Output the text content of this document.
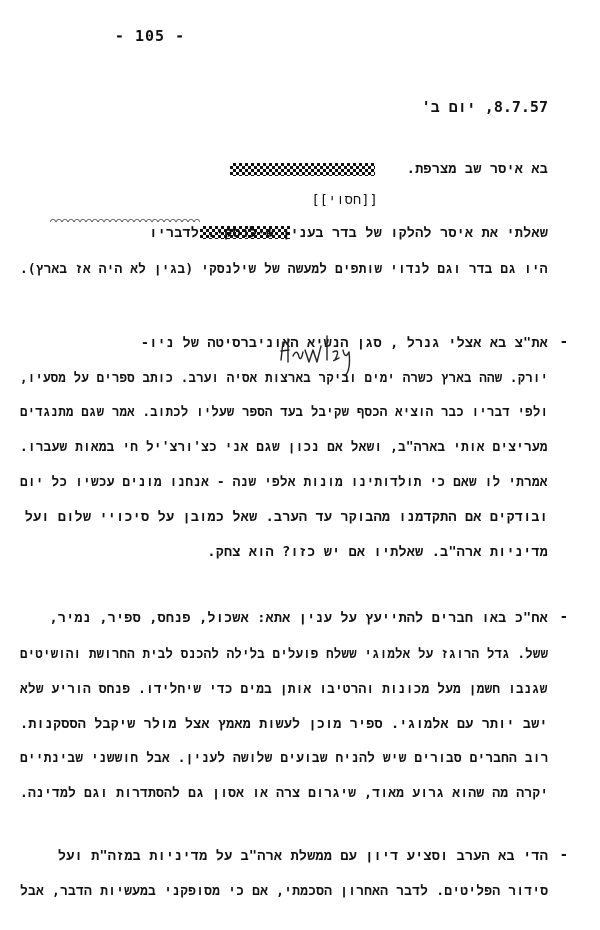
- 105 -
8.7.57, יום ב'
בא איסר שב מצרפת.
[[חסוי]]
שאלתי את איסר להלקו של בדר בענין שילנסקי. לדבריו
היו גם בדר וגם לנדוי שותפים למעשה של שילנסקי (בגין לא היה אז בארץ).
-
את"צ בא אצלי גנרל , סגן הנשיא האוניברסיטה של ניו-
יורק. שהה בארץ כשרה ימים וביקר בארצות אסיה וערב. כותב ספרים על מסעיו,
ולפי דבריו כבר הוציא הכסף שקיבל בעד הספר שעליו לכתוב. אמר שגם מתנגדים
מעריצים אותי בארה"ב, ושאל אם נכון שגם אני כצ'ורצ'יל חי במאות שעברו.
אמרתי לו שאם כי תולדותינו מונות אלפי שנה - אנחנו מונים עכשיו כל יום
ובודקים אם התקדמנו מהבוקר עד הערב. שאל כמובן על סיכויי שלום ועל
מדיניות ארה"ב. שאלתיו אם יש כזו? הוא צחק.
-
אח"כ באו חברים להתייעץ על ענין אתא: אשכול, פנחס, ספיר, נמיר,
ששל. גדל הרוגז על אלמוגי ששלח פועלים בלילה להכנס לבית החרושת והושיטים
שגנבו חשמן מעל מכונות והרטיבו אותן במים כדי שיחלידו. פנחס הוריע שלא
ישב יותר עם אלמוגי. ספיר מוכן לעשות מאמץ אצל מולר שיקבל הססקנות.
רוב החברים סבורים שיש להניח שבועים שלושה לענין. אבל חוששני שבינתיים
יקרה מה שהוא גרוע מאוד, שיגרום צרה או אסון גם להסתדרות וגם למדינה.
-
הדי בא הערב וסציע דיון עם ממשלת ארה"ב על מדיניות במזה"ת ועל
סידור הפליטים. לדבר האחרון הסכמתי, אם כי מסופקני במעשיות הדבר, אבל
